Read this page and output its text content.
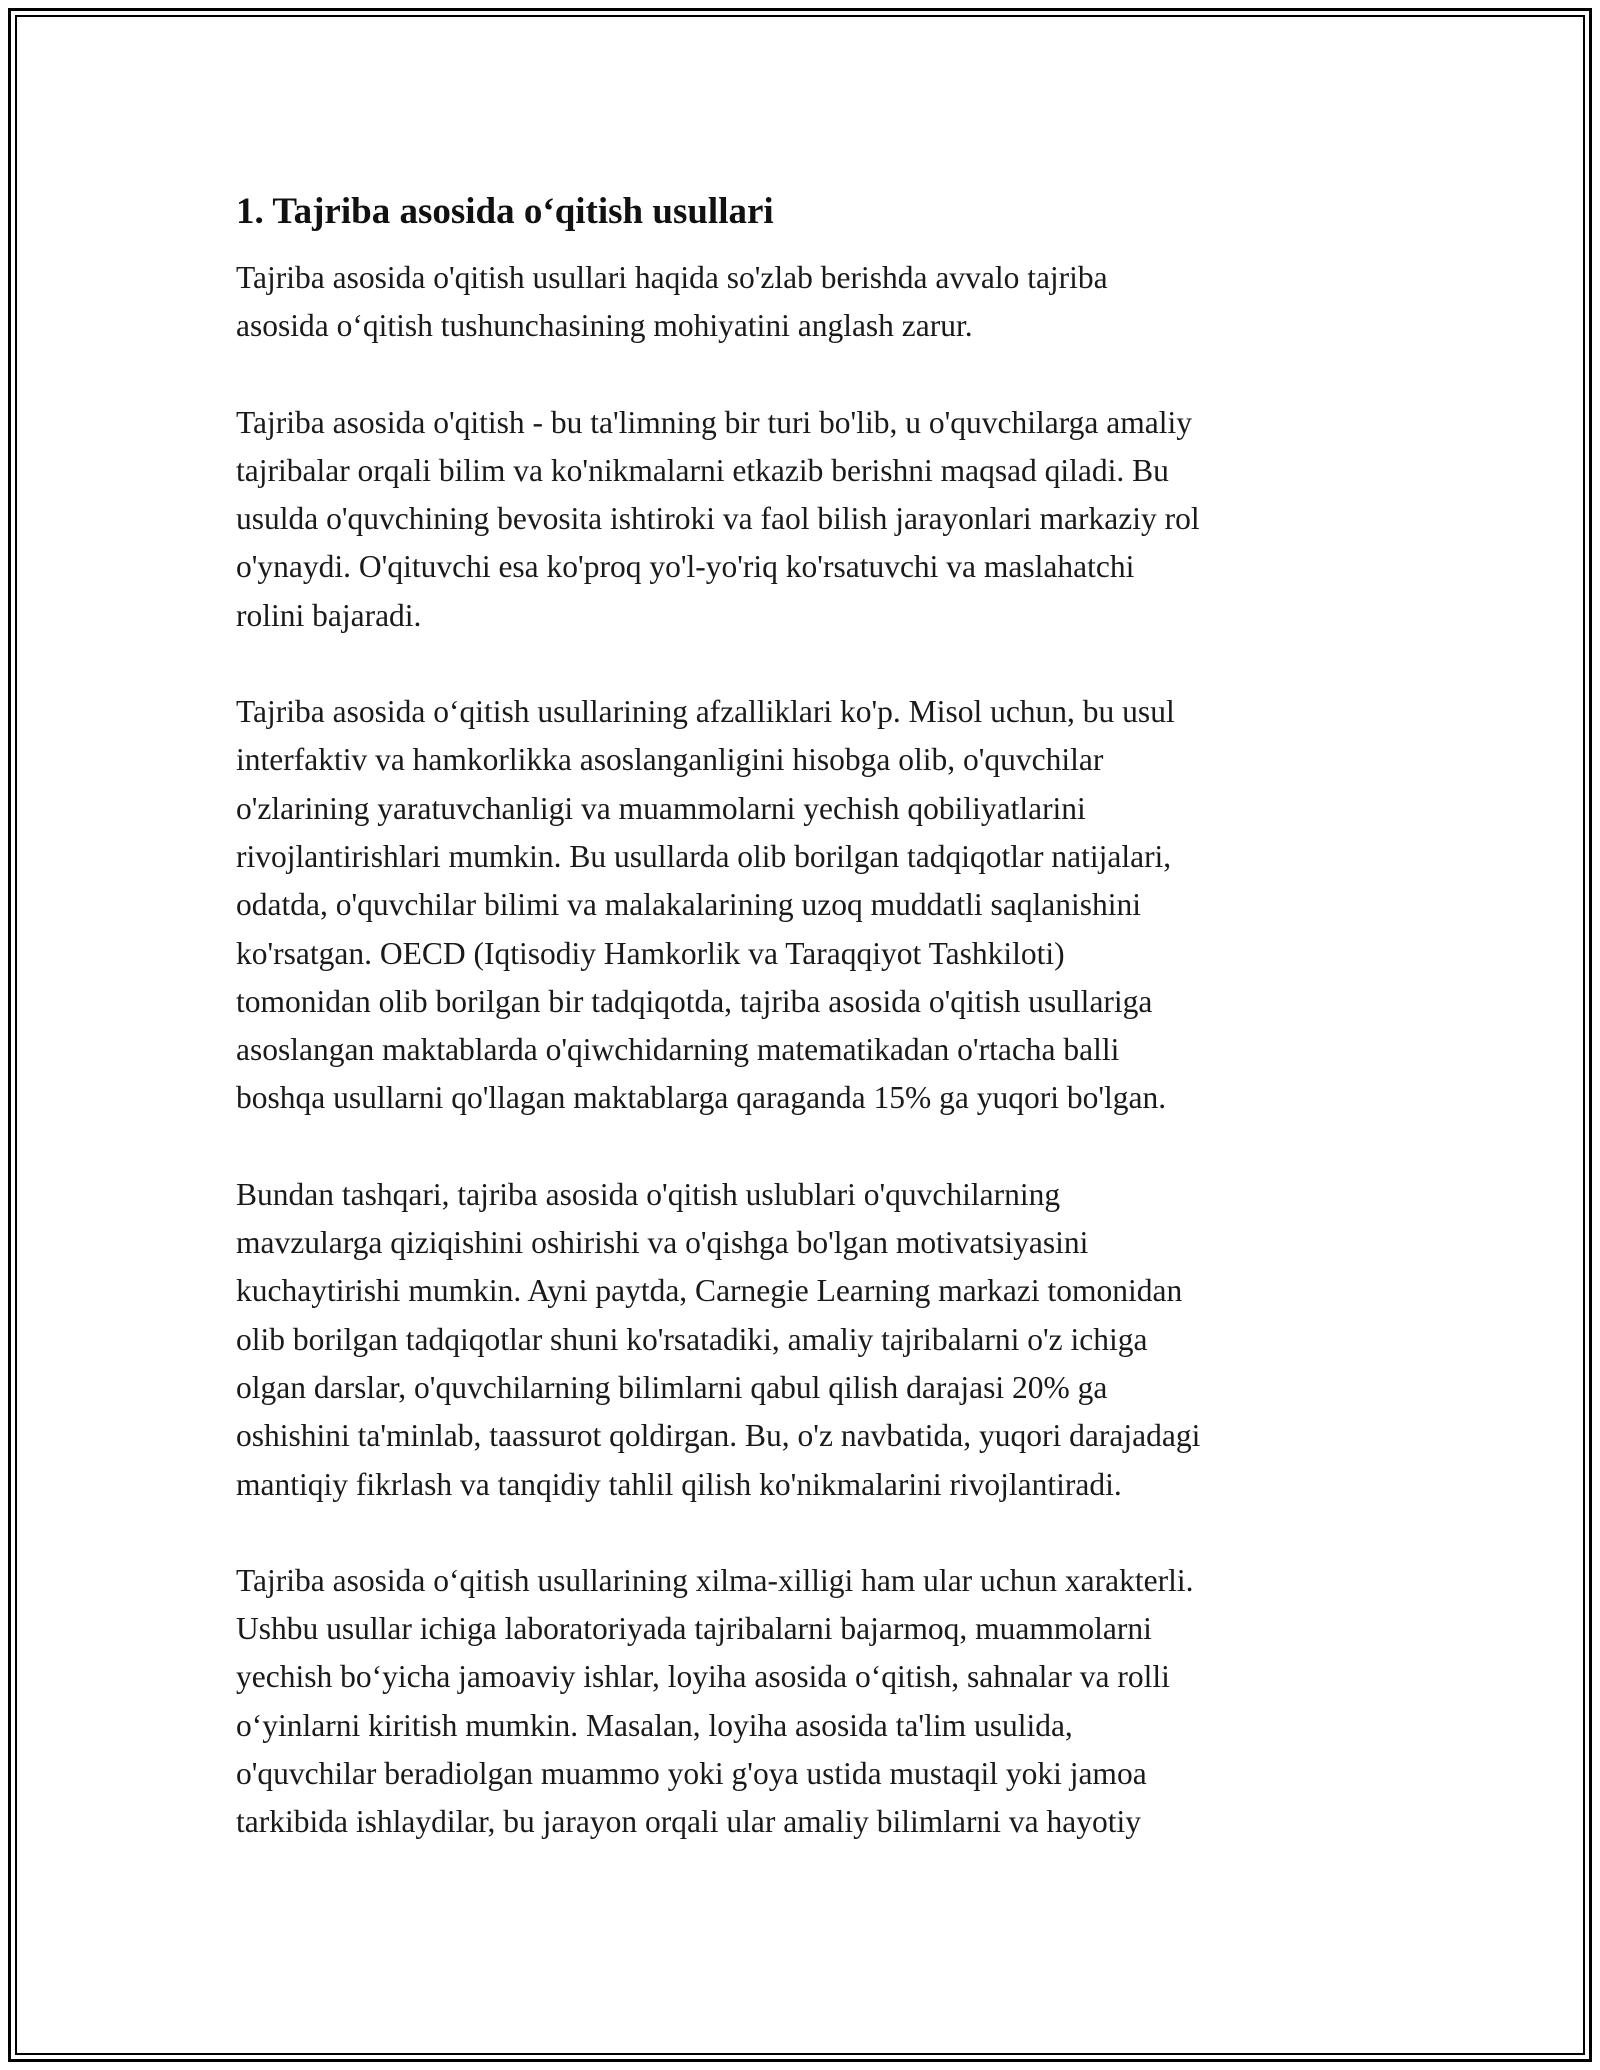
1. Tajriba asosida o‘qitish usullari

Tajriba asosida o'qitish usullari haqida so'zlab berishda avvalo tajriba
asosida o‘qitish tushunchasining mohiyatini anglash zarur.

Tajriba asosida o'qitish - bu ta'limning bir turi bo'lib, u o'quvchilarga amaliy
tajribalar orqali bilim va ko'nikmalarni etkazib berishni maqsad qiladi. Bu
usulda o'quvchining bevosita ishtiroki va faol bilish jarayonlari markaziy rol
o'ynaydi. O'qituvchi esa ko'proq yo'l-yo'riq ko'rsatuvchi va maslahatchi
rolini bajaradi.

Tajriba asosida o‘qitish usullarining afzalliklari ko'p. Misol uchun, bu usul
interfaktiv va hamkorlikka asoslanganligini hisobga olib, o'quvchilar
o'zlarining yaratuvchanligi va muammolarni yechish qobiliyatlarini
rivojlantirishlari mumkin. Bu usullarda olib borilgan tadqiqotlar natijalari,
odatda, o'quvchilar bilimi va malakalarining uzoq muddatli saqlanishini
ko'rsatgan. OECD (Iqtisodiy Hamkorlik va Taraqqiyot Tashkiloti)
tomonidan olib borilgan bir tadqiqotda, tajriba asosida o'qitish usullariga
asoslangan maktablarda o'qiwchidarning matematikadan o'rtacha balli
boshqa usullarni qo'llagan maktablarga qaraganda 15% ga yuqori bo'lgan.

Bundan tashqari, tajriba asosida o'qitish uslublari o'quvchilarning
mavzularga qiziqishini oshirishi va o'qishga bo'lgan motivatsiyasini
kuchaytirishi mumkin. Ayni paytda, Carnegie Learning markazi tomonidan
olib borilgan tadqiqotlar shuni ko'rsatadiki, amaliy tajribalarni o'z ichiga
olgan darslar, o'quvchilarning bilimlarni qabul qilish darajasi 20% ga
oshishini ta'minlab, taassurot qoldirgan. Bu, o'z navbatida, yuqori darajadagi
mantiqiy fikrlash va tanqidiy tahlil qilish ko'nikmalarini rivojlantiradi.

Tajriba asosida o‘qitish usullarining xilma-xilligi ham ular uchun xarakterli.
Ushbu usullar ichiga laboratoriyada tajribalarni bajarmoq, muammolarni
yechish bo‘yicha jamoaviy ishlar, loyiha asosida o‘qitish, sahnalar va rolli
o‘yinlarni kiritish mumkin. Masalan, loyiha asosida ta'lim usulida,
o'quvchilar beradiolgan muammo yoki g'oya ustida mustaqil yoki jamoa
tarkibida ishlaydilar, bu jarayon orqali ular amaliy bilimlarni va hayotiy
